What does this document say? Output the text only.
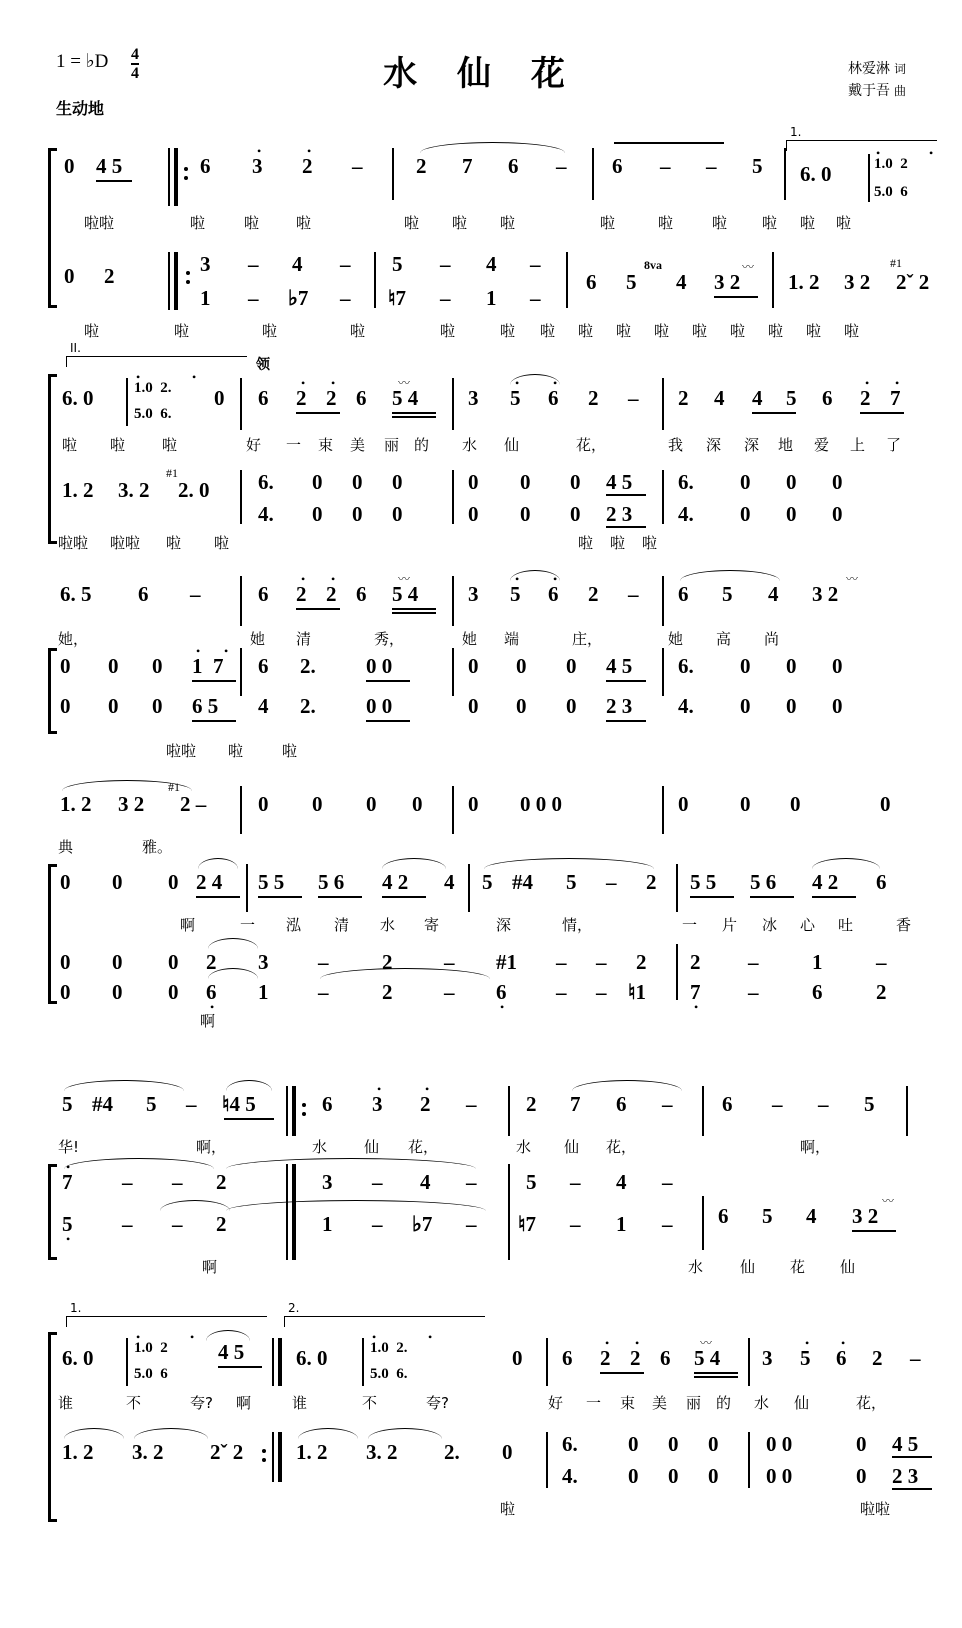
1 = ♭D $\frac{4}{4}$	水 仙 花	林爱淋 词
戴于吾 曲
生动地
0 4 5	6 3
•
2
•
–	2 7 6 – 6 – – 5
1.
6. 0	1.0  2
•	•
5.0  6
啦啦	啦	啦 啦	啦 啦 啦	啦	啦	啦 啦 啦 啦
0 2	3
1
–
–
4
♭7
–
–
5
♮7
–
–
4
1
–
–
6 5
8va
4 3 2
〰
1. 2 3 2 2ˇ 2
#1
啦	啦	啦	啦	啦	啦 啦 啦 啦 啦 啦 啦 啦 啦 啦
II.
领
6. 0	1.0  2.
•	•
5.0  6.
0 6 2
•
2
•
6 5 4
〰
3 5
•
6
•
2 – 2 4 4 5 6 2
•
7
•
啦 啦 啦	好 一 束 美 丽 的 水 仙	花，	我 深 深 地 爱 上 了
1. 2 3. 2
#1
2. 0 6.
4.
0
0
0
0
0
0
0
0
0
0
0
0
4 5
2 3
6.
4.
0
0
0
0
0
0
啦啦 啦啦 啦 啦	啦 啦 啦
6. 5 6 –	6 2
•
2
•
6 5 4
〰
3 5
•
6
•
2 – 6 5 4 3 2
〰
她，	她 清	秀，	她 端	庄，	她 高 尚
0 0 0 1  7
• •
6 2. 0 0	0 0 0 4 5 6. 0 0 0
0 0 0 6 5 4 2. 0 0	0 0 0 2 3 4. 0 0 0
啦啦 啦	啦
1. 2 3 2
#1
2 – 0 0 0 0 0 0 0 0	0 0 0	0
典	雅。
0 0 0 2 4 5 5 5 6 4 2 4 5 #4 5 – 2 5 5 5 6 4 2 6
啊	一 泓 清 水 寄	深	情，	一 片 冰 心 吐	香
0 0 0 2 3 –	2 – #1 – – 2 2 –	1	–
0 0 0 6
•
1 –	2 – 6
•
– – ♮1 7
•
–	6	2
啊
5 #4 5 – ♮4 5	6 3
•
2
•
– 2 7 6 – 6 – – 5
华!	啊，	水 仙 花，	水 仙 花，	啊，
7
•
5
•
–
–
–
–
2
2
3
1
–
–
4
♭7
–
–
5
♮7
–
–
4
1
–
– 6 5 4 3 2
〰
啊	水 仙 花 仙
1.	2.
6. 0	1.0  2
•	•
5.0  6
4 5 6. 0	1.0  2.
•	•
5.0  6.
0 6 2
•
2
•
6 5 4
〰
3 5
•
6
•
2 –
谁	不	夸? 啊	谁	不	夸?	好 一 束 美 丽 的 水 仙	花，
1. 2 3. 2 2ˇ 2	1. 2 3. 2 2. 0 6.
4.
0
0
0
0
0
0
0 0
0 0
0
0
4 5
2 3
啦	啦啦
